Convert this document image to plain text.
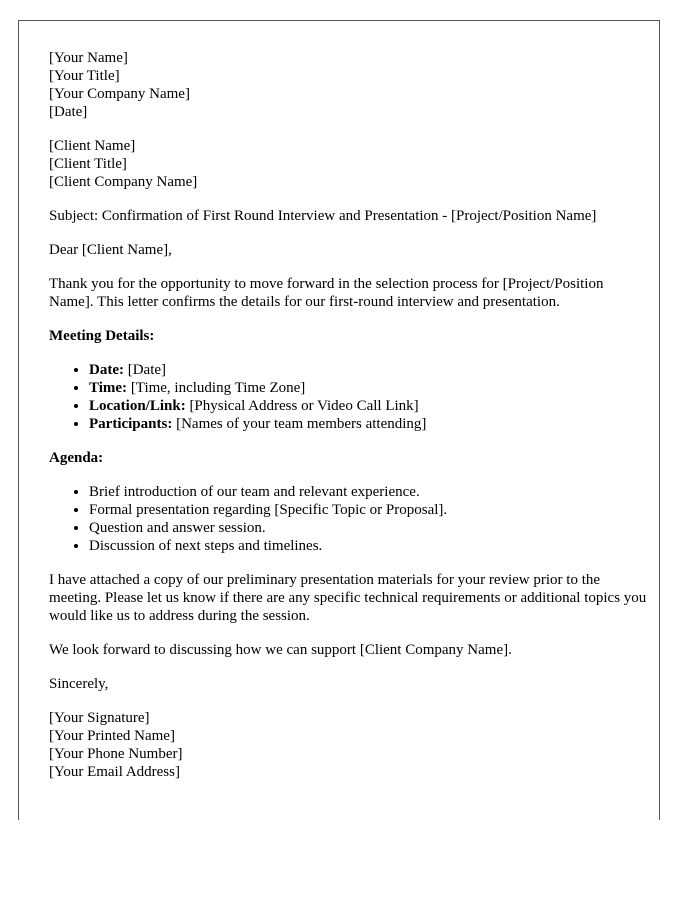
[Your Name]
[Your Title]
[Your Company Name]
[Date]
[Client Name]
[Client Title]
[Client Company Name]

Subject: Confirmation of First Round Interview and Presentation - [Project/Position Name]

Dear [Client Name],

Thank you for the opportunity to move forward in the selection process for [Project/Position Name]. This letter confirms the details for our first-round interview and presentation.

Meeting Details:
• Date: [Date]
• Time: [Time, including Time Zone]
• Location/Link: [Physical Address or Video Call Link]
• Participants: [Names of your team members attending]
Agenda:
• Brief introduction of our team and relevant experience.
• Formal presentation regarding [Specific Topic or Proposal].
• Question and answer session.
• Discussion of next steps and timelines.

I have attached a copy of our preliminary presentation materials for your review prior to the meeting. Please let us know if there are any specific technical requirements or additional topics you would like us to address during the session.

We look forward to discussing how we can support [Client Company Name].

Sincerely,

[Your Signature]
[Your Printed Name]
[Your Phone Number]
[Your Email Address]
